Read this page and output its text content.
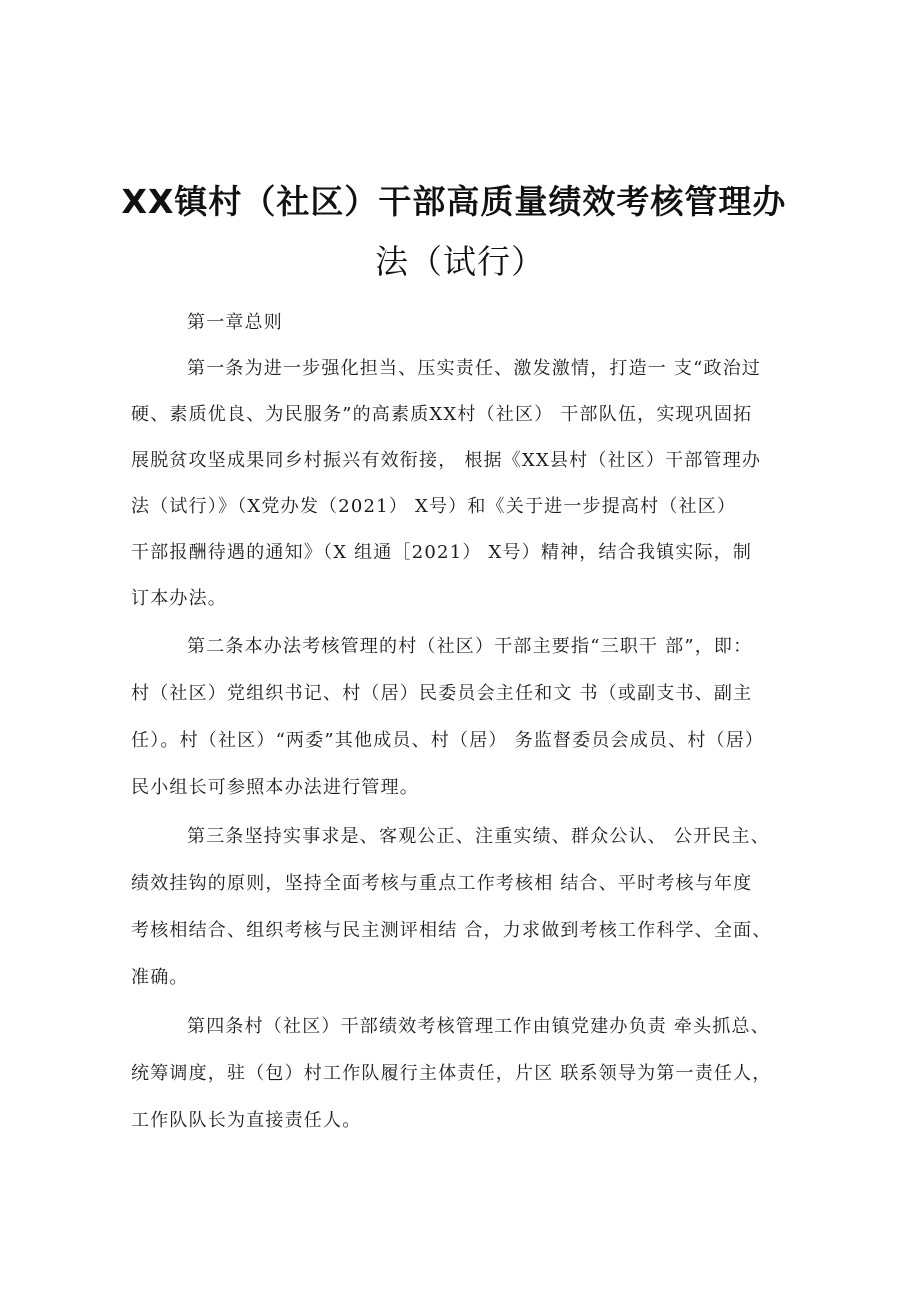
XX镇村（社区）干部高质量绩效考核管理办
法（试行）
第一章总则
第一条为进一步强化担当、压实责任、激发激情，打造一 支“政治过
硬、素质优良、为民服务”的高素质XX村（社区） 干部队伍，实现巩固拓
展脱贫攻坚成果同乡村振兴有效衔接， 根据《XX县村（社区）干部管理办
法（试行）》（X党办发（2021） X号）和《关于进一步提高村（社区）
干部报酬待遇的通知》（X 组通［2021） X号）精神，结合我镇实际，制
订本办法。
第二条本办法考核管理的村（社区）干部主要指“三职干 部”，即：
村（社区）党组织书记、村（居）民委员会主任和文 书（或副支书、副主
任）。村（社区）“两委”其他成员、村（居） 务监督委员会成员、村（居）
民小组长可参照本办法进行管理。
第三条坚持实事求是、客观公正、注重实绩、群众公认、 公开民主、
绩效挂钩的原则，坚持全面考核与重点工作考核相 结合、平时考核与年度
考核相结合、组织考核与民主测评相结 合，力求做到考核工作科学、全面、
准确。
第四条村（社区）干部绩效考核管理工作由镇党建办负责 牵头抓总、
统筹调度，驻（包）村工作队履行主体责任，片区 联系领导为第一责任人，
工作队队长为直接责任人。
